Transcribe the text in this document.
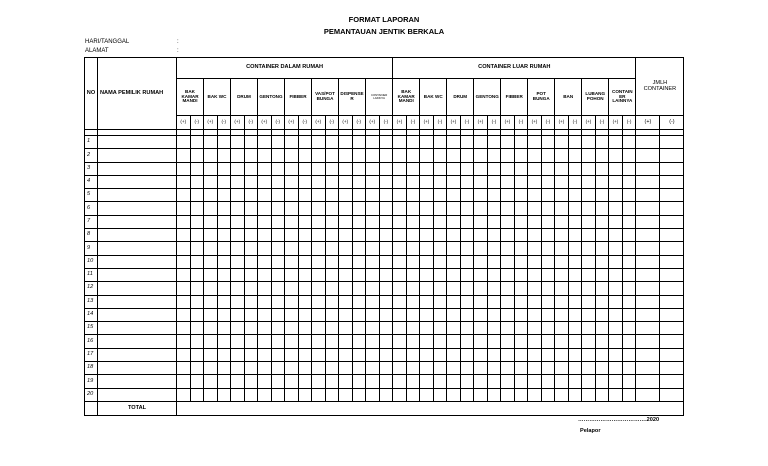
FORMAT LAPORAN
PEMANTAUAN JENTIK BERKALA
HARI/TANGGAL	:
ALAMAT	:
NO	NAMA PEMILIK RUMAH	CONTAINER DALAM RUMAH																CONTAINER LUAR RUMAH																		JMLH CONTAINER	
		BAK KAMAR MANDI		BAK WC		DRUM		GENTONG		FIBBER		VAS/POT BUNGA		DISPENSE R		CONTAINER LAINNYA		BAK KAMAR MANDI		BAK WC		DRUM		GENTONG		FIBBER		POT BUNGA		BAN		LUBANG POHON		CONTAIN ER LAINNYA			
		(+)	(-)	(+)	(-)	(+)	(-)	(+)	(-)	(+)	(-)	(+)	(-)	(+)	(-)	(+)	(-)	(+)	(-)	(+)	(-)	(+)	(-)	(+)	(-)	(+)	(-)	(+)	(-)	(+)	(-)	(+)	(-)	(+)	(-)	(+)	(-)

1																																					
2																																					
3																																					
4																																					
5																																					
6																																					
7																																					
8																																					
9																																					
10																																					
11																																					
12																																					
13																																					
14																																					
15																																					
16																																					
17																																					
18																																					
19																																					
20																																					
	TOTAL																																				
……………………………….2020
Pelapor
